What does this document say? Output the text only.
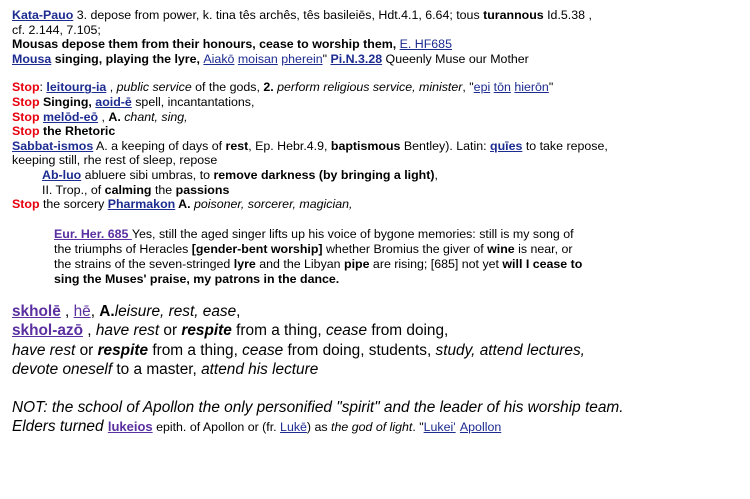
Kata-Pauo 3. depose from power, k. tina tês archês, tês basileiēs, Hdt.4.1, 6.64; tous turannous Id.5.38 ,
cf. 2.144, 7.105;
Mousas depose them from their honours, cease to worship them, E. HF685
Mousa singing, playing the lyre, Aiakō moisan pherein" Pi.N.3.28 Queenly Muse our Mother
Stop: leitourg-ia , public service of the gods, 2. perform religious service, minister, "epi tōn hierōn"
Stop Singing, aoid-ē spell, incantantations,
Stop melōd-eō , A. chant, sing,
Stop the Rhetoric
Sabbat-ismos A. a keeping of days of rest, Ep. Hebr.4.9, baptismous Bentley). Latin: quīes to take repose,
keeping still, rhe rest of sleep, repose
Ab-luo abluere sibi umbras, to remove darkness (by bringing a light),
II. Trop., of calming the passions
Stop the sorcery Pharmakon A. poisoner, sorcerer, magician,
Eur. Her. 685 Yes, still the aged singer lifts up his voice of bygone memories: still is my song of
the triumphs of Heracles [gender-bent worship] whether Bromius the giver of wine is near, or
the strains of the seven-stringed lyre and the Libyan pipe are rising; [685] not yet will I cease to
sing the Muses' praise, my patrons in the dance.
skholē , hē, A.leisure, rest, ease,
skhol-azō , have rest or respite from a thing, cease from doing,
have rest or respite from a thing, cease from doing, students, study, attend lectures,
devote oneself to a master, attend his lecture
NOT: the school of Apollon the only personified "spirit" and the leader of his worship team.
Elders turned lukeios epith. of Apollon or (fr. Lukē) as the god of light. "Lukei' Apollon
